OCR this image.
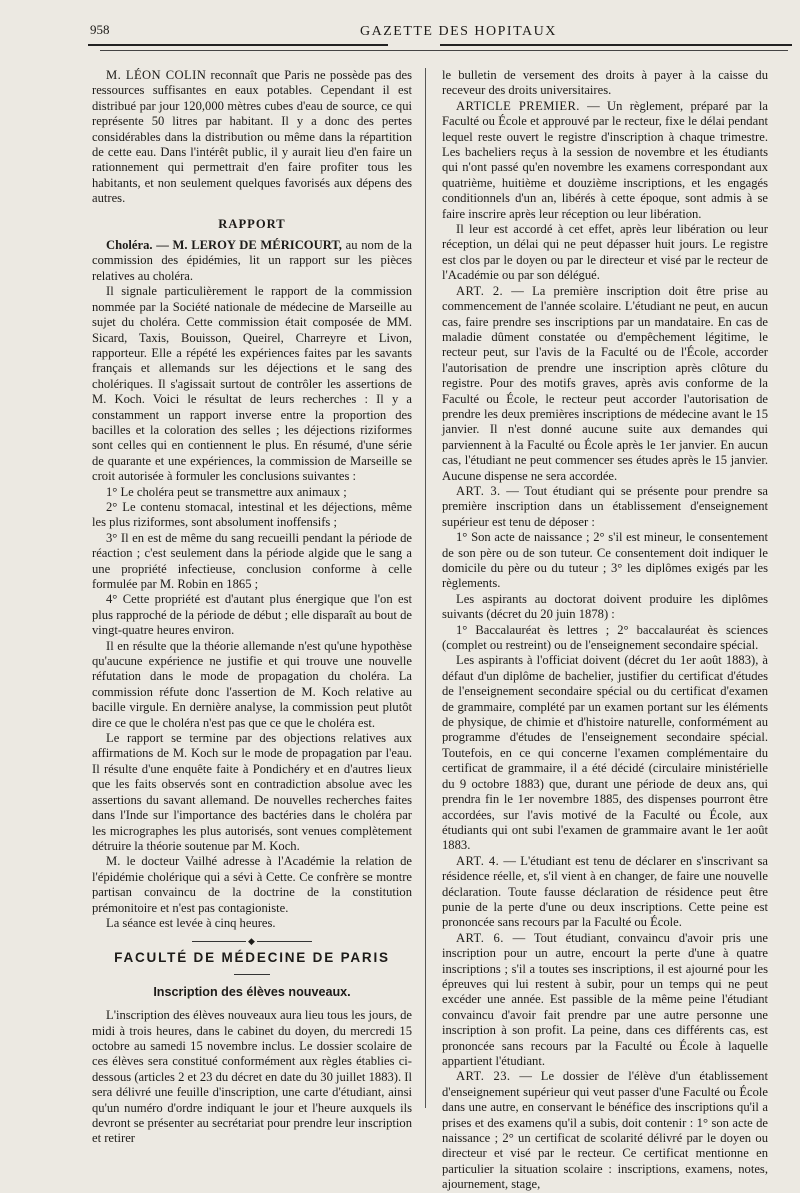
958	GAZETTE DES HOPITAUX

M. LÉON COLIN reconnaît que Paris ne possède pas des ressources suffisantes en eaux potables. Cependant il est distribué par jour 120,000 mètres cubes d'eau de source, ce qui représente 50 litres par habitant. Il y a donc des pertes considérables dans la distribution ou même dans la répartition de cette eau. Dans l'intérêt public, il y aurait lieu d'en faire un rationnement qui permettrait d'en faire profiter tous les habitants, et non seulement quelques favorisés aux dépens des autres.

RAPPORT

Choléra. — M. LEROY DE MÉRICOURT, au nom de la commission des épidémies, lit un rapport sur les pièces relatives au choléra.

Il signale particulièrement le rapport de la commission nommée par la Société nationale de médecine de Marseille au sujet du choléra. Cette commission était composée de MM. Sicard, Taxis, Bouisson, Queirel, Charreyre et Livon, rapporteur. Elle a répété les expériences faites par les savants français et allemands sur les déjections et le sang des cholériques. Il s'agissait surtout de contrôler les assertions de M. Koch. Voici le résultat de leurs recherches : Il y a constamment un rapport inverse entre la proportion des bacilles et la coloration des selles ; les déjections riziformes sont celles qui en contiennent le plus. En résumé, d'une série de quarante et une expériences, la commission de Marseille se croit autorisée à formuler les conclusions suivantes :

1° Le choléra peut se transmettre aux animaux ;

2° Le contenu stomacal, intestinal et les déjections, même les plus riziformes, sont absolument inoffensifs ;

3° Il en est de même du sang recueilli pendant la période de réaction ; c'est seulement dans la période algide que le sang a une propriété infectieuse, conclusion conforme à celle formulée par M. Robin en 1865 ;

4° Cette propriété est d'autant plus énergique que l'on est plus rapproché de la période de début ; elle disparaît au bout de vingt-quatre heures environ.

Il en résulte que la théorie allemande n'est qu'une hypothèse qu'aucune expérience ne justifie et qui trouve une nouvelle réfutation dans le mode de propagation du choléra. La commission réfute donc l'assertion de M. Koch relative au bacille virgule. En dernière analyse, la commission peut plutôt dire ce que le choléra n'est pas que ce que le choléra est.

Le rapport se termine par des objections relatives aux affirmations de M. Koch sur le mode de propagation par l'eau. Il résulte d'une enquête faite à Pondichéry et en d'autres lieux que les faits observés sont en contradiction absolue avec les assertions du savant allemand. De nouvelles recherches faites dans l'Inde sur l'importance des bactéries dans le choléra par les micrographes les plus autorisés, sont venues complètement détruire la théorie soutenue par M. Koch.

M. le docteur Vailhé adresse à l'Académie la relation de l'épidémie cholérique qui a sévi à Cette. Ce confrère se montre partisan convaincu de la doctrine de la constitution prémonitoire et n'est pas contagioniste.

La séance est levée à cinq heures.

◆
FACULTÉ DE MÉDECINE DE PARIS
Inscription des élèves nouveaux.

L'inscription des élèves nouveaux aura lieu tous les jours, de midi à trois heures, dans le cabinet du doyen, du mercredi 15 octobre au samedi 15 novembre inclus. Le dossier scolaire de ces élèves sera constitué conformément aux règles établies ci-dessous (articles 2 et 23 du décret en date du 30 juillet 1883). Il sera délivré une feuille d'inscription, une carte d'étudiant, ainsi qu'un numéro d'ordre indiquant le jour et l'heure auxquels ils devront se présenter au secrétariat pour prendre leur inscription et retirer

le bulletin de versement des droits à payer à la caisse du receveur des droits universitaires.

ARTICLE PREMIER. — Un règlement, préparé par la Faculté ou École et approuvé par le recteur, fixe le délai pendant lequel reste ouvert le registre d'inscription à chaque trimestre. Les bacheliers reçus à la session de novembre et les étudiants qui n'ont passé qu'en novembre les examens correspondant aux quatrième, huitième et douzième inscriptions, et les engagés conditionnels d'un an, libérés à cette époque, sont admis à se faire inscrire après leur réception ou leur libération.

Il leur est accordé à cet effet, après leur libération ou leur réception, un délai qui ne peut dépasser huit jours. Le registre est clos par le doyen ou par le directeur et visé par le recteur de l'Académie ou par son délégué.

ART. 2. — La première inscription doit être prise au commencement de l'année scolaire. L'étudiant ne peut, en aucun cas, faire prendre ses inscriptions par un mandataire. En cas de maladie dûment constatée ou d'empêchement légitime, le recteur peut, sur l'avis de la Faculté ou de l'École, accorder l'autorisation de prendre une inscription après clôture du registre. Pour des motifs graves, après avis conforme de la Faculté ou École, le recteur peut accorder l'autorisation de prendre les deux premières inscriptions de médecine avant le 15 janvier. Il n'est donné aucune suite aux demandes qui parviennent à la Faculté ou École après le 1er janvier. En aucun cas, l'étudiant ne peut commencer ses études après le 15 janvier. Aucune dispense ne sera accordée.

ART. 3. — Tout étudiant qui se présente pour prendre sa première inscription dans un établissement d'enseignement supérieur est tenu de déposer :

1° Son acte de naissance ; 2° s'il est mineur, le consentement de son père ou de son tuteur. Ce consentement doit indiquer le domicile du père ou du tuteur ; 3° les diplômes exigés par les règlements.

Les aspirants au doctorat doivent produire les diplômes suivants (décret du 20 juin 1878) :

1° Baccalauréat ès lettres ; 2° baccalauréat ès sciences (complet ou restreint) ou de l'enseignement secondaire spécial.

Les aspirants à l'officiat doivent (décret du 1er août 1883), à défaut d'un diplôme de bachelier, justifier du certificat d'études de l'enseignement secondaire spécial ou du certificat d'examen de grammaire, complété par un examen portant sur les éléments de physique, de chimie et d'histoire naturelle, conformément au programme d'études de l'enseignement secondaire spécial. Toutefois, en ce qui concerne l'examen complémentaire du certificat de grammaire, il a été décidé (circulaire ministérielle du 9 octobre 1883) que, durant une période de deux ans, qui prendra fin le 1er novembre 1885, des dispenses pourront être accordées, sur l'avis motivé de la Faculté ou École, aux étudiants qui ont subi l'examen de grammaire avant le 1er août 1883.

ART. 4. — L'étudiant est tenu de déclarer en s'inscrivant sa résidence réelle, et, s'il vient à en changer, de faire une nouvelle déclaration. Toute fausse déclaration de résidence peut être punie de la perte d'une ou deux inscriptions. Cette peine est prononcée sans recours par la Faculté ou École.

ART. 6. — Tout étudiant, convaincu d'avoir pris une inscription pour un autre, encourt la perte d'une à quatre inscriptions ; s'il a toutes ses inscriptions, il est ajourné pour les épreuves qui lui restent à subir, pour un temps qui ne peut excéder une année. Est passible de la même peine l'étudiant convaincu d'avoir fait prendre par une autre personne une inscription à son profit. La peine, dans ces différents cas, est prononcée sans recours par la Faculté ou École à laquelle appartient l'étudiant.

ART. 23. — Le dossier de l'élève d'un établissement d'enseignement supérieur qui veut passer d'une Faculté ou École dans une autre, en conservant le bénéfice des inscriptions qu'il a prises et des examens qu'il a subis, doit contenir : 1° son acte de naissance ; 2° un certificat de scolarité délivré par le doyen ou directeur et visé par le recteur. Ce certificat mentionne en particulier la situation scolaire : inscriptions, examens, notes, ajournement, stage,
